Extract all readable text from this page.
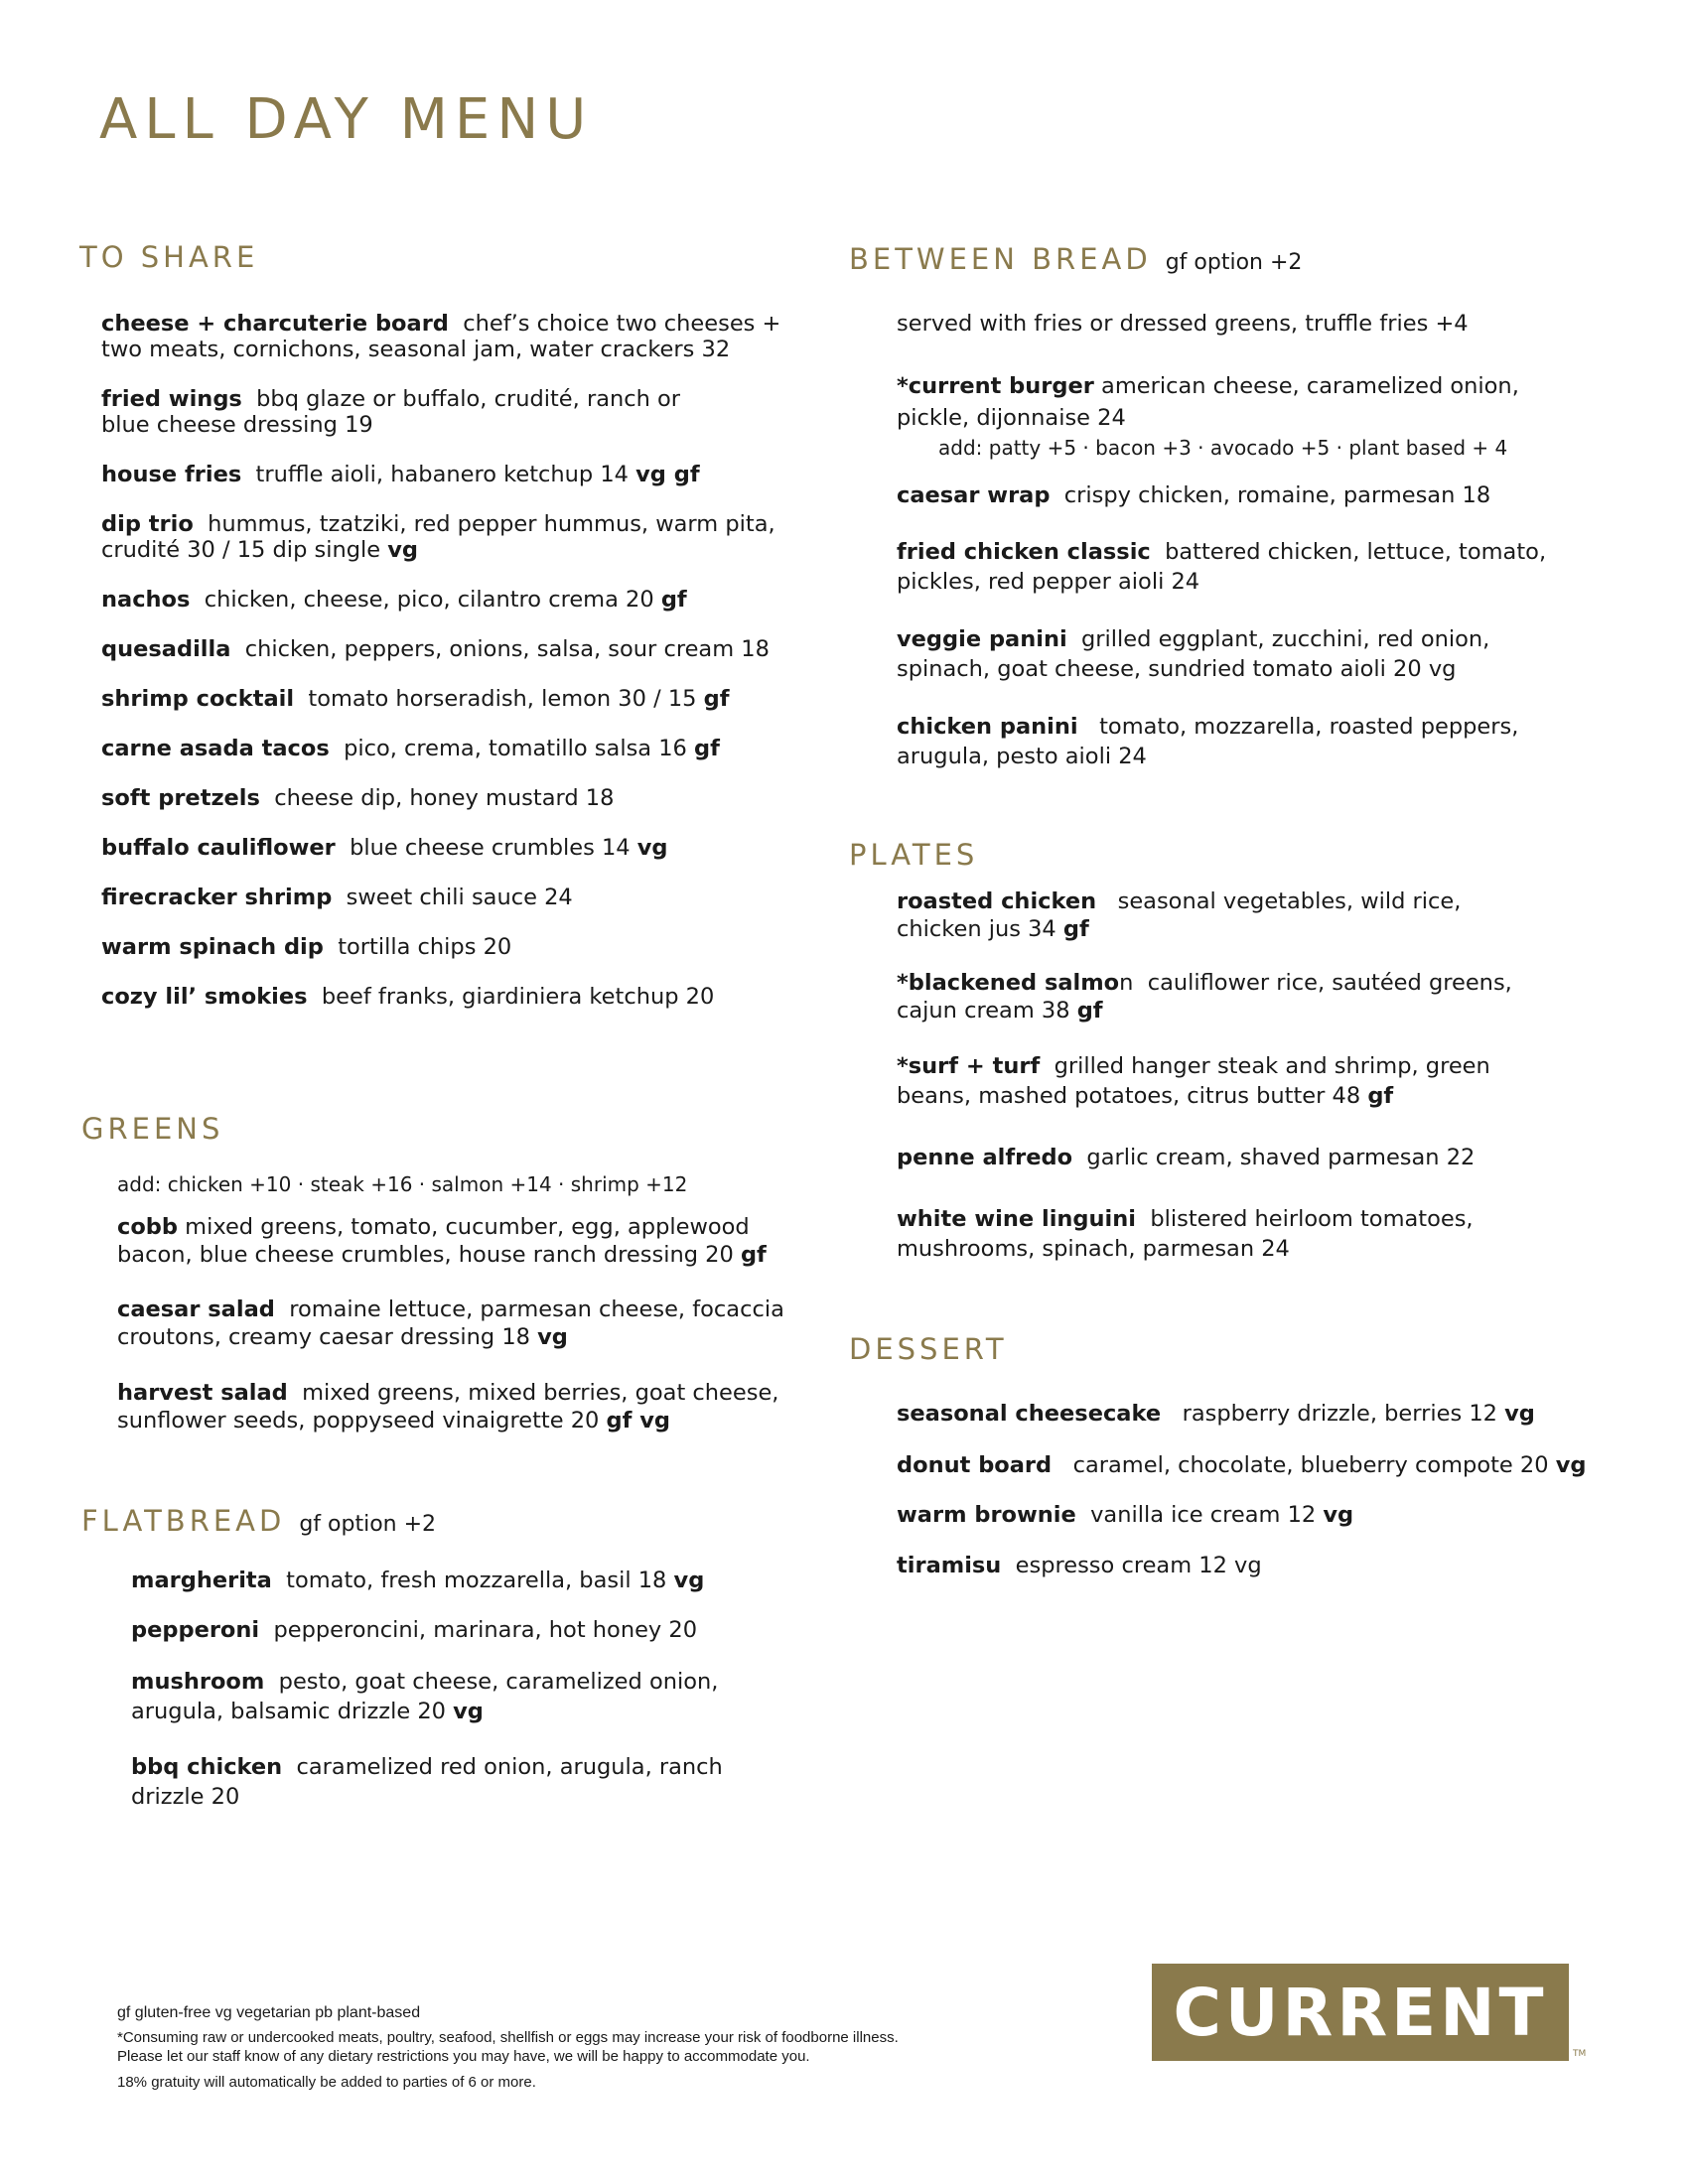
ALL DAY MENU
TO SHARE
cheese + charcuterie board chef’s choice two cheeses +
two meats, cornichons, seasonal jam, water crackers 32
fried wings bbq glaze or buffalo, crudité, ranch or
blue cheese dressing 19
house fries truffle aioli, habanero ketchup 14 vg gf
dip trio hummus, tzatziki, red pepper hummus, warm pita,
crudité 30 / 15 dip single vg
nachos chicken, cheese, pico, cilantro crema 20 gf
quesadilla chicken, peppers, onions, salsa, sour cream 18
shrimp cocktail tomato horseradish, lemon 30 / 15 gf
carne asada tacos pico, crema, tomatillo salsa 16 gf
soft pretzels cheese dip, honey mustard 18
buffalo cauliflower blue cheese crumbles 14 vg
firecracker shrimp sweet chili sauce 24
warm spinach dip tortilla chips 20
cozy lil’ smokies beef franks, giardiniera ketchup 20
GREENS
add: chicken +10 · steak +16 · salmon +14 · shrimp +12
cobb mixed greens, tomato, cucumber, egg, applewood
bacon, blue cheese crumbles, house ranch dressing 20 gf
caesar salad romaine lettuce, parmesan cheese, focaccia
croutons, creamy caesar dressing 18 vg
harvest salad mixed greens, mixed berries, goat cheese,
sunflower seeds, poppyseed vinaigrette 20 gf vg
FLATBREAD gf option +2
margherita tomato, fresh mozzarella, basil 18 vg
pepperoni pepperoncini, marinara, hot honey 20
mushroom pesto, goat cheese, caramelized onion,
arugula, balsamic drizzle 20 vg
bbq chicken caramelized red onion, arugula, ranch
drizzle 20
BETWEEN BREAD gf option +2
served with fries or dressed greens, truffle fries +4
*current burger american cheese, caramelized onion,
pickle, dijonnaise 24
add: patty +5 · bacon +3 · avocado +5 · plant based + 4
caesar wrap crispy chicken, romaine, parmesan 18
fried chicken classic battered chicken, lettuce, tomato,
pickles, red pepper aioli 24
veggie panini grilled eggplant, zucchini, red onion,
spinach, goat cheese, sundried tomato aioli 20 vg
chicken panini tomato, mozzarella, roasted peppers,
arugula, pesto aioli 24
PLATES
roasted chicken seasonal vegetables, wild rice,
chicken jus 34 gf
*blackened salmon cauliflower rice, sautéed greens,
cajun cream 38 gf
*surf + turf grilled hanger steak and shrimp, green
beans, mashed potatoes, citrus butter 48 gf
penne alfredo garlic cream, shaved parmesan 22
white wine linguini blistered heirloom tomatoes,
mushrooms, spinach, parmesan 24
DESSERT
seasonal cheesecake raspberry drizzle, berries 12 vg
donut board caramel, chocolate, blueberry compote 20 vg
warm brownie vanilla ice cream 12 vg
tiramisu espresso cream 12 vg
gf gluten-free vg vegetarian pb plant-based
*Consuming raw or undercooked meats, poultry, seafood, shellfish or eggs may increase your risk of foodborne illness.
Please let our staff know of any dietary restrictions you may have, we will be happy to accommodate you.
18% gratuity will automatically be added to parties of 6 or more.
CURRENT
TM
